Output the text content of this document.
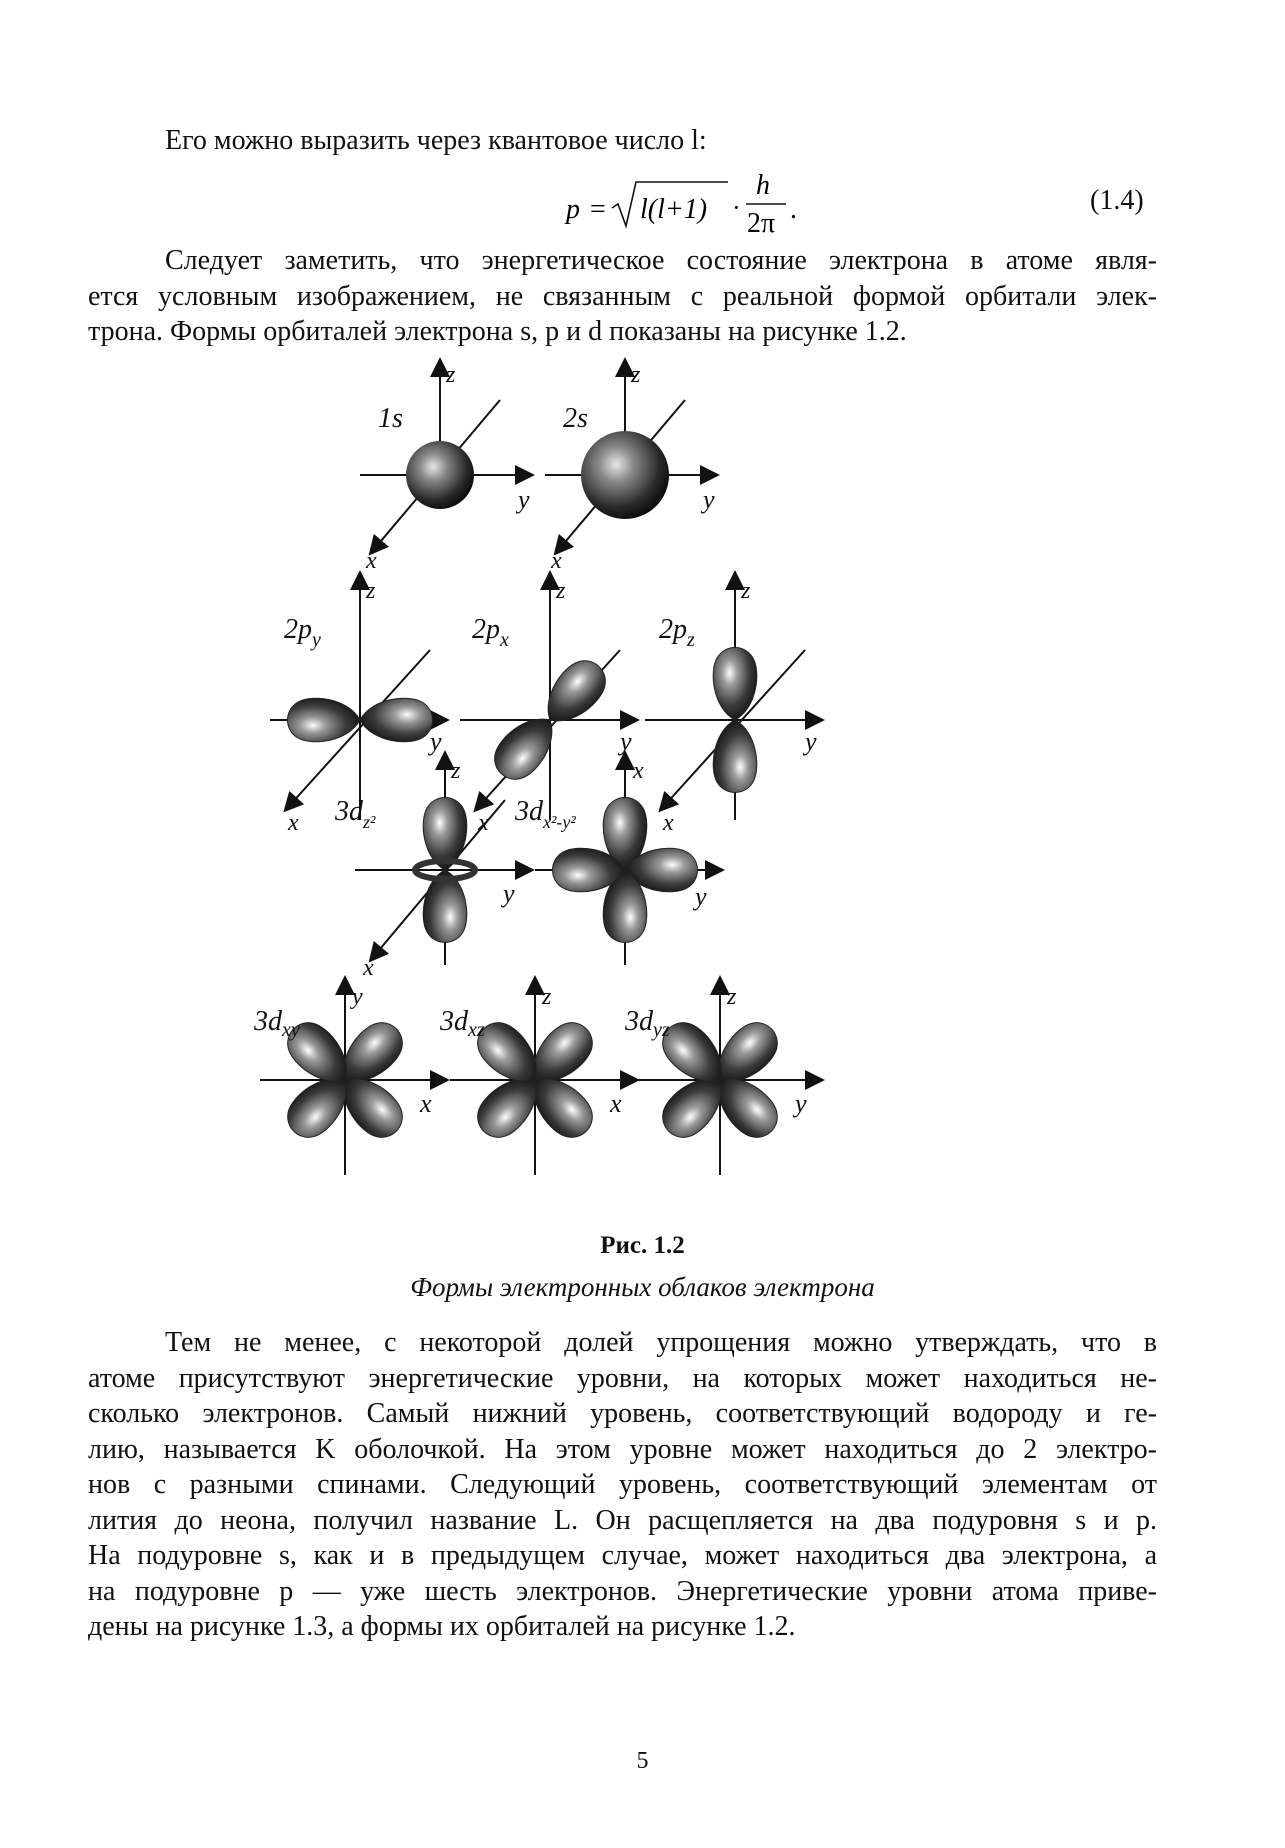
Его можно выразить через квантовое число l:
p = l(l+1) ·
h
2π .	(1.4)
Следует заметить, что энергетическое состояние электрона в атоме явля-
ется условным изображением, не связанным с реальной формой орбитали элек-
трона. Формы орбиталей электрона s, p и d показаны на рисунке 1.2.
1s
z
y
x
2s
z
y
x
$2p_y$
z
y
x
$2p_x$
z
y
x
$2p_z$
z
y
x
$3d_{z^2}$
z
y
x
$3d_{x^2-y^2}$
x
y
$3d_{xy}$
y
x
$3d_{xz}$
z
x
$3d_{yz}$
z
y
Рис. 1.2
Формы электронных облаков электрона
Тем не менее, с некоторой долей упрощения можно утверждать, что в
атоме присутствуют энергетические уровни, на которых может находиться не-
сколько электронов. Самый нижний уровень, соответствующий водороду и ге-
лию, называется K оболочкой. На этом уровне может находиться до 2 электро-
нов с разными спинами. Следующий уровень, соответствующий элементам от
лития до неона, получил название L. Он расщепляется на два подуровня s и p.
На подуровне s, как и в предыдущем случае, может находиться два электрона, а
на подуровне p — уже шесть электронов. Энергетические уровни атома приве-
дены на рисунке 1.3, а формы их орбиталей на рисунке 1.2.
5
